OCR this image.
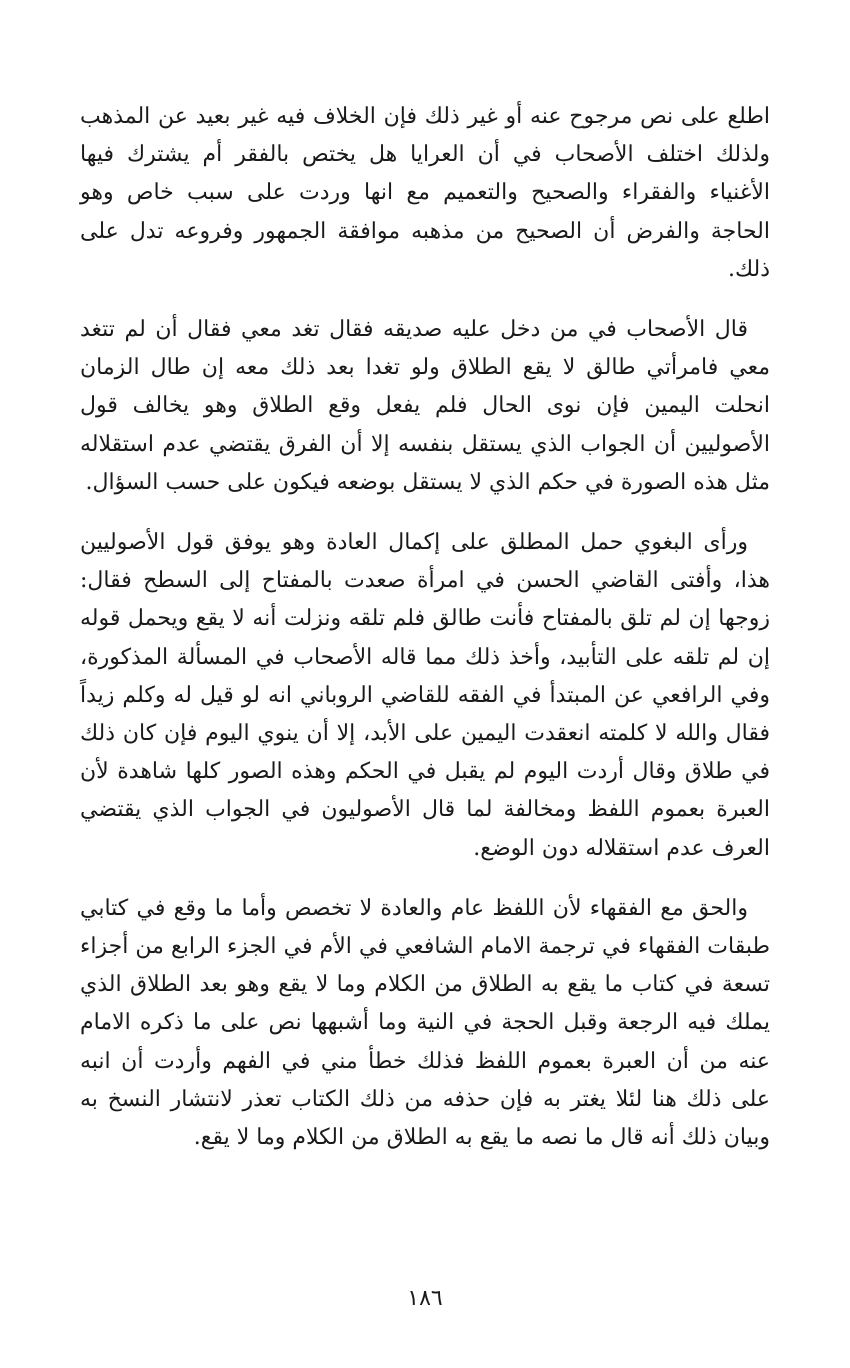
اطلع على نص مرجوح عنه أو غير ذلك فإن الخلاف فيه غير بعيد عن المذهب ولذلك اختلف الأصحاب في أن العرايا هل يختص بالفقر أم يشترك فيها الأغنياء والفقراء والصحيح والتعميم مع انها وردت على سبب خاص وهو الحاجة والفرض أن الصحيح من مذهبه موافقة الجمهور وفروعه تدل على ذلك.

قال الأصحاب في من دخل عليه صديقه فقال تغد معي فقال أن لم تتغد معي فامرأتي طالق لا يقع الطلاق ولو تغدا بعد ذلك معه إن طال الزمان انحلت اليمين فإن نوى الحال فلم يفعل وقع الطلاق وهو يخالف قول الأصوليين أن الجواب الذي يستقل بنفسه إلا أن الفرق يقتضي عدم استقلاله مثل هذه الصورة في حكم الذي لا يستقل بوضعه فيكون على حسب السؤال.

ورأى البغوي حمل المطلق على إكمال العادة وهو يوفق قول الأصوليين هذا، وأفتى القاضي الحسن في امرأة صعدت بالمفتاح إلى السطح فقال: زوجها إن لم تلق بالمفتاح فأنت طالق فلم تلقه ونزلت أنه لا يقع ويحمل قوله إن لم تلقه على التأبيد، وأخذ ذلك مما قاله الأصحاب في المسألة المذكورة، وفي الرافعي عن المبتدأ في الفقه للقاضي الروباني انه لو قيل له وكلم زيداً فقال والله لا كلمته انعقدت اليمين على الأبد، إلا أن ينوي اليوم فإن كان ذلك في طلاق وقال أردت اليوم لم يقبل في الحكم وهذه الصور كلها شاهدة لأن العبرة بعموم اللفظ ومخالفة لما قال الأصوليون في الجواب الذي يقتضي العرف عدم استقلاله دون الوضع.

والحق مع الفقهاء لأن اللفظ عام والعادة لا تخصص وأما ما وقع في كتابي طبقات الفقهاء في ترجمة الامام الشافعي في الأم في الجزء الرابع من أجزاء تسعة في كتاب ما يقع به الطلاق من الكلام وما لا يقع وهو بعد الطلاق الذي يملك فيه الرجعة وقبل الحجة في النية وما أشبهها نص على ما ذكره الامام عنه من أن العبرة بعموم اللفظ فذلك خطأ مني في الفهم وأردت أن انبه على ذلك هنا لئلا يغتر به فإن حذفه من ذلك الكتاب تعذر لانتشار النسخ به وبيان ذلك أنه قال ما نصه ما يقع به الطلاق من الكلام وما لا يقع.

١٨٦
